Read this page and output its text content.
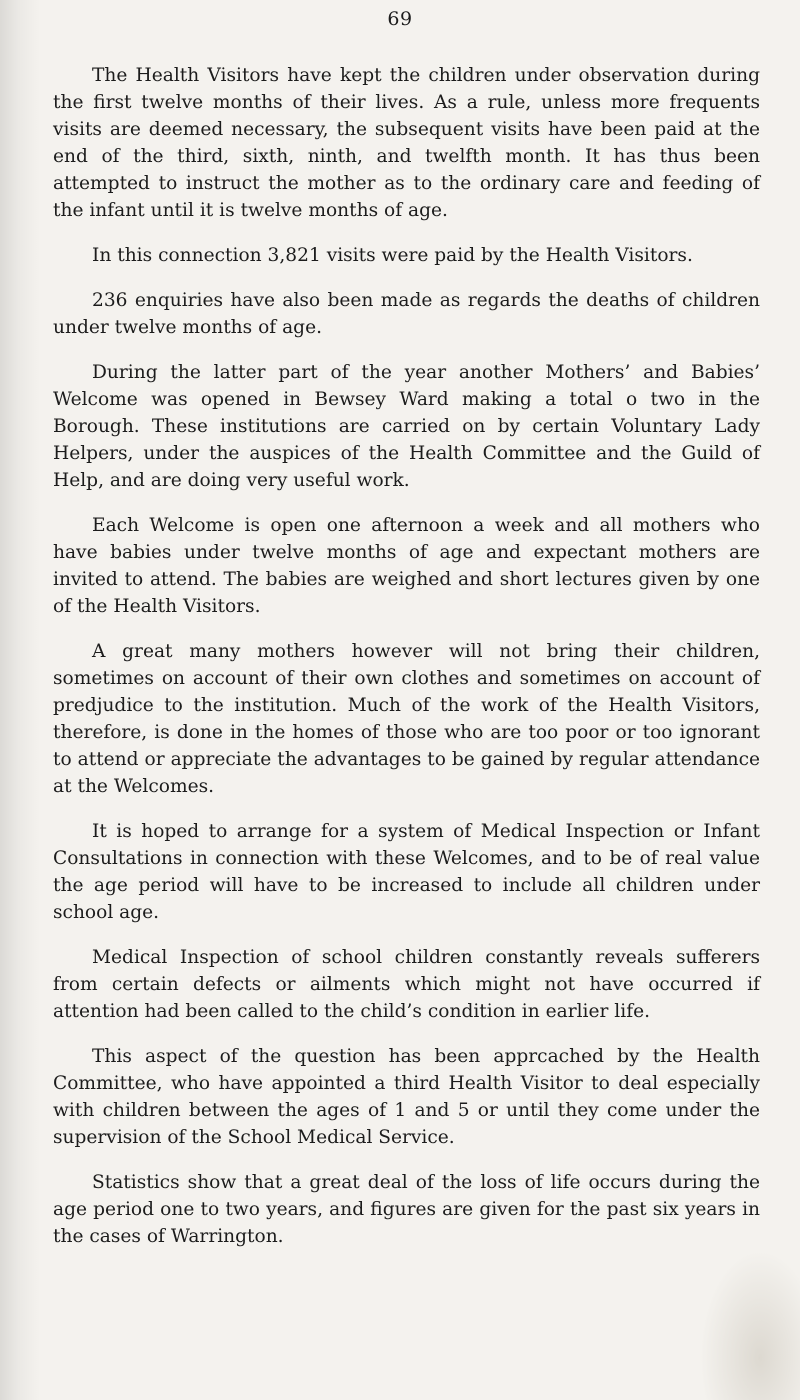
69

The Health Visitors have kept the children under observation during the first twelve months of their lives. As a rule, unless more frequents visits are deemed necessary, the subsequent visits have been paid at the end of the third, sixth, ninth, and twelfth month. It has thus been attempted to instruct the mother as to the ordinary care and feeding of the infant until it is twelve months of age.

In this connection 3,821 visits were paid by the Health Visitors.

236 enquiries have also been made as regards the deaths of children under twelve months of age.

During the latter part of the year another Mothers’ and Babies’ Welcome was opened in Bewsey Ward making a total o two in the Borough. These institutions are carried on by certain Voluntary Lady Helpers, under the auspices of the Health Committee and the Guild of Help, and are doing very useful work.

Each Welcome is open one afternoon a week and all mothers who have babies under twelve months of age and expectant mothers are invited to attend. The babies are weighed and short lectures given by one of the Health Visitors.

A great many mothers however will not bring their children, sometimes on account of their own clothes and sometimes on account of predjudice to the institution. Much of the work of the Health Visitors, therefore, is done in the homes of those who are too poor or too ignorant to attend or appreciate the advantages to be gained by regular attendance at the Welcomes.

It is hoped to arrange for a system of Medical Inspection or Infant Consultations in connection with these Welcomes, and to be of real value the age period will have to be increased to include all children under school age.

Medical Inspection of school children constantly reveals sufferers from certain defects or ailments which might not have occurred if attention had been called to the child’s condition in earlier life.

This aspect of the question has been apprcached by the Health Committee, who have appointed a third Health Visitor to deal especially with children between the ages of 1 and 5 or until they come under the supervision of the School Medical Service.

Statistics show that a great deal of the loss of life occurs during the age period one to two years, and figures are given for the past six years in the cases of Warrington.
